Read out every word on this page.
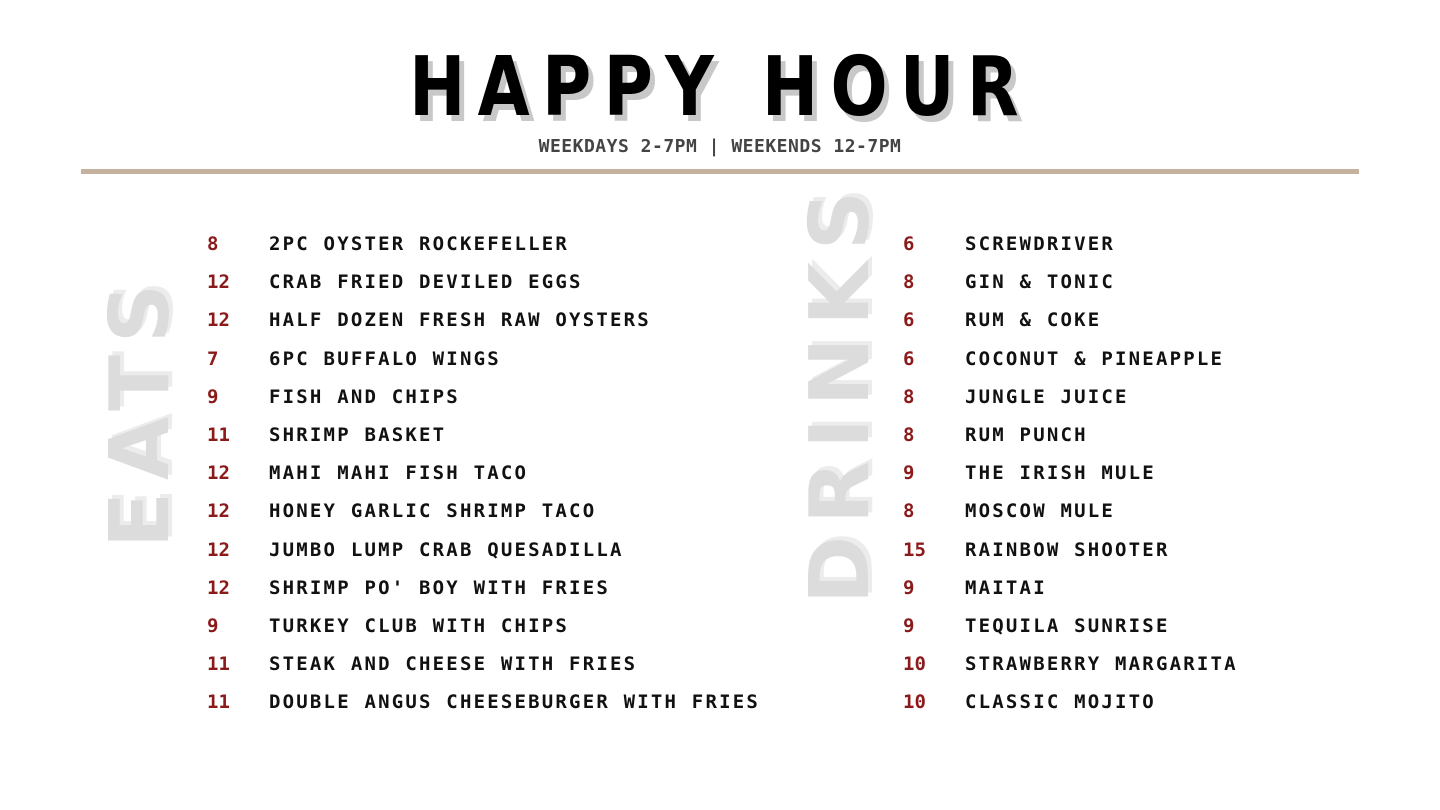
HAPPY HOUR
WEEKDAYS 2-7PM | WEEKENDS 12-7PM
EATS	DRINKS
8	2PC OYSTER ROCKEFELLER
12	CRAB FRIED DEVILED EGGS
12	HALF DOZEN FRESH RAW OYSTERS
7	6PC BUFFALO WINGS
9	FISH AND CHIPS
11	SHRIMP BASKET
12	MAHI MAHI FISH TACO
12	HONEY GARLIC SHRIMP TACO
12	JUMBO LUMP CRAB QUESADILLA
12	SHRIMP PO' BOY WITH FRIES
9	TURKEY CLUB WITH CHIPS
11	STEAK AND CHEESE WITH FRIES
11	DOUBLE ANGUS CHEESEBURGER WITH FRIES
6	SCREWDRIVER
8	GIN & TONIC
6	RUM & COKE
6	COCONUT & PINEAPPLE
8	JUNGLE JUICE
8	RUM PUNCH
9	THE IRISH MULE
8	MOSCOW MULE
15	RAINBOW SHOOTER
9	MAITAI
9	TEQUILA SUNRISE
10	STRAWBERRY MARGARITA
10	CLASSIC MOJITO
